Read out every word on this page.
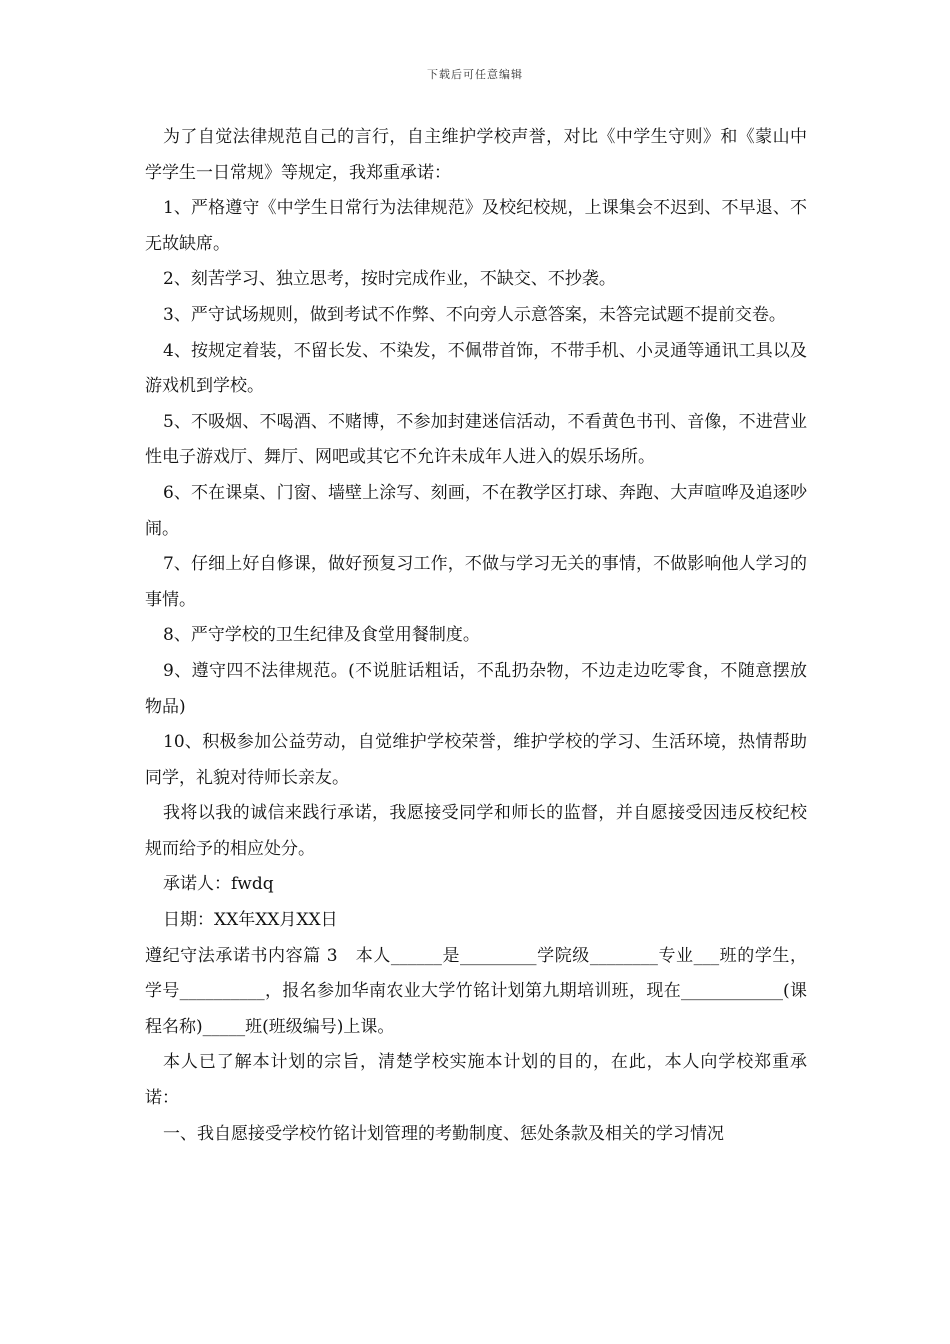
下载后可任意编辑

为了自觉法律规范自己的言行，自主维护学校声誉，对比《中学生守则》和《蒙山中学学生一日常规》等规定，我郑重承诺：

1、严格遵守《中学生日常行为法律规范》及校纪校规，上课集会不迟到、不早退、不无故缺席。

2、刻苦学习、独立思考，按时完成作业，不缺交、不抄袭。

3、严守试场规则，做到考试不作弊、不向旁人示意答案，未答完试题不提前交卷。

4、按规定着装，不留长发、不染发，不佩带首饰，不带手机、小灵通等通讯工具以及游戏机到学校。

5、不吸烟、不喝酒、不赌博，不参加封建迷信活动，不看黄色书刊、音像，不进营业性电子游戏厅、舞厅、网吧或其它不允许未成年人进入的娱乐场所。

6、不在课桌、门窗、墙壁上涂写、刻画，不在教学区打球、奔跑、大声喧哗及追逐吵闹。

7、仔细上好自修课，做好预复习工作，不做与学习无关的事情，不做影响他人学习的事情。

8、严守学校的卫生纪律及食堂用餐制度。

9、遵守四不法律规范。(不说脏话粗话，不乱扔杂物，不边走边吃零食，不随意摆放物品)

10、积极参加公益劳动，自觉维护学校荣誉，维护学校的学习、生活环境，热情帮助同学，礼貌对待师长亲友。

我将以我的诚信来践行承诺，我愿接受同学和师长的监督，并自愿接受因违反校纪校规而给予的相应处分。

承诺人：fwdq

日期：XX年XX月XX日

遵纪守法承诺书内容篇 3　本人______是_________学院级________专业___班的学生，学号__________，报名参加华南农业大学竹铭计划第九期培训班，现在____________(课程名称)_____班(班级编号)上课。

本人已了解本计划的宗旨，清楚学校实施本计划的目的，在此，本人向学校郑重承诺：

一、我自愿接受学校竹铭计划管理的考勤制度、惩处条款及相关的学习情况
